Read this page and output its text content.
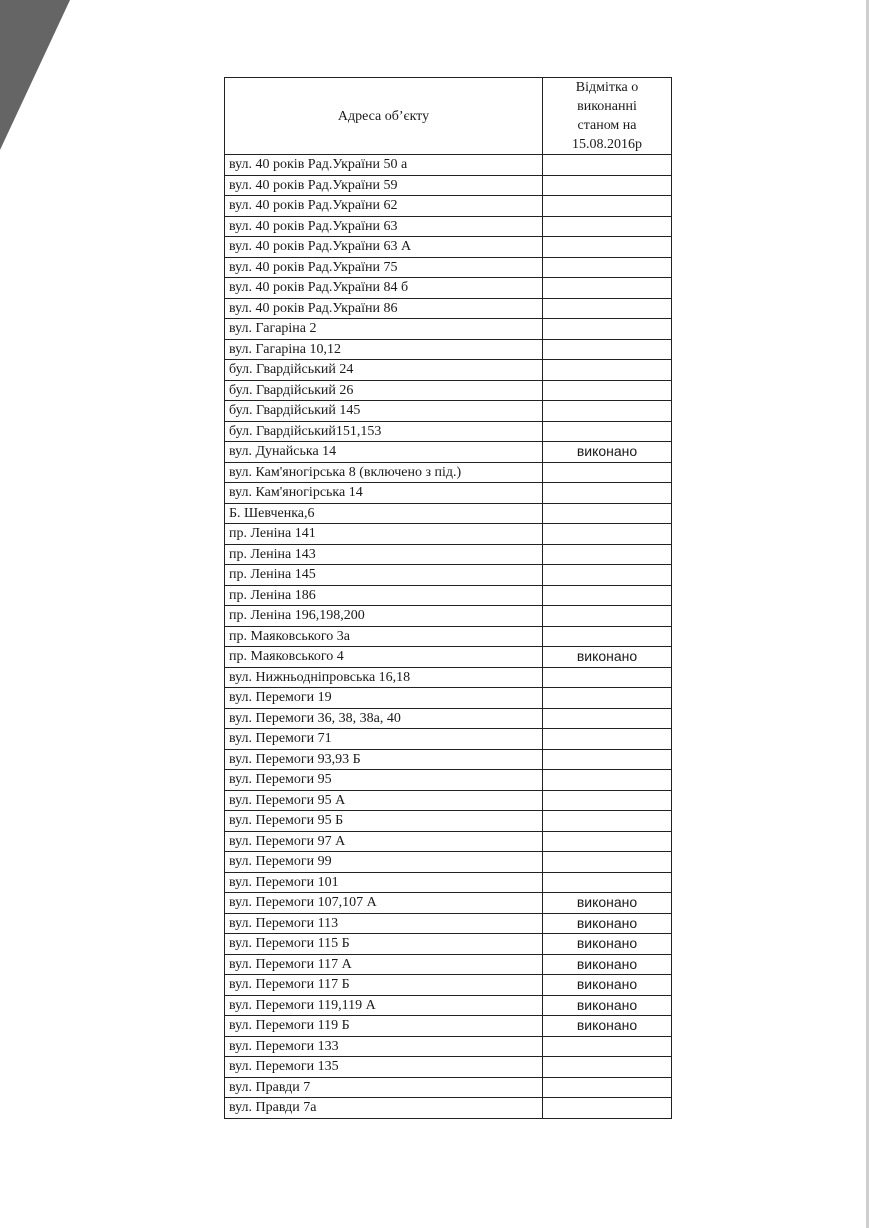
Адреса об’єкту	Відмітка о
виконанні
станом на
15.08.2016р

вул. 40 років Рад.України 50 а	
вул. 40 років Рад.України 59	
вул. 40 років Рад.України 62	
вул. 40 років Рад.України 63	
вул. 40 років Рад.України 63 А	
вул. 40 років Рад.України 75	
вул. 40 років Рад.України 84 б	
вул. 40 років Рад.України 86	
вул. Гагаріна 2	
вул. Гагаріна 10,12	
бул. Гвардійський 24	
бул. Гвардійський 26	
бул. Гвардійський 145	
бул. Гвардійський151,153	
вул. Дунайська 14	виконано
вул. Кам'яногірська 8 (включено з під.)	
вул. Кам'яногірська 14	
Б. Шевченка,6	
пр. Леніна 141	
пр. Леніна 143	
пр. Леніна 145	
пр. Леніна 186	
пр. Леніна 196,198,200	
пр. Маяковського 3а	
пр. Маяковського 4	виконано
вул. Нижньодніпровська 16,18	
вул. Перемоги 19	
вул. Перемоги 36, 38, 38а, 40	
вул. Перемоги 71	
вул. Перемоги 93,93 Б	
вул. Перемоги 95	
вул. Перемоги 95 А	
вул. Перемоги 95 Б	
вул. Перемоги 97 А	
вул. Перемоги 99	
вул. Перемоги 101	
вул. Перемоги 107,107 А	виконано
вул. Перемоги 113	виконано
вул. Перемоги 115 Б	виконано
вул. Перемоги 117 А	виконано
вул. Перемоги 117 Б	виконано
вул. Перемоги 119,119 А	виконано
вул. Перемоги 119 Б	виконано
вул. Перемоги 133	
вул. Перемоги 135	
вул. Правди 7	
вул. Правди 7а	
